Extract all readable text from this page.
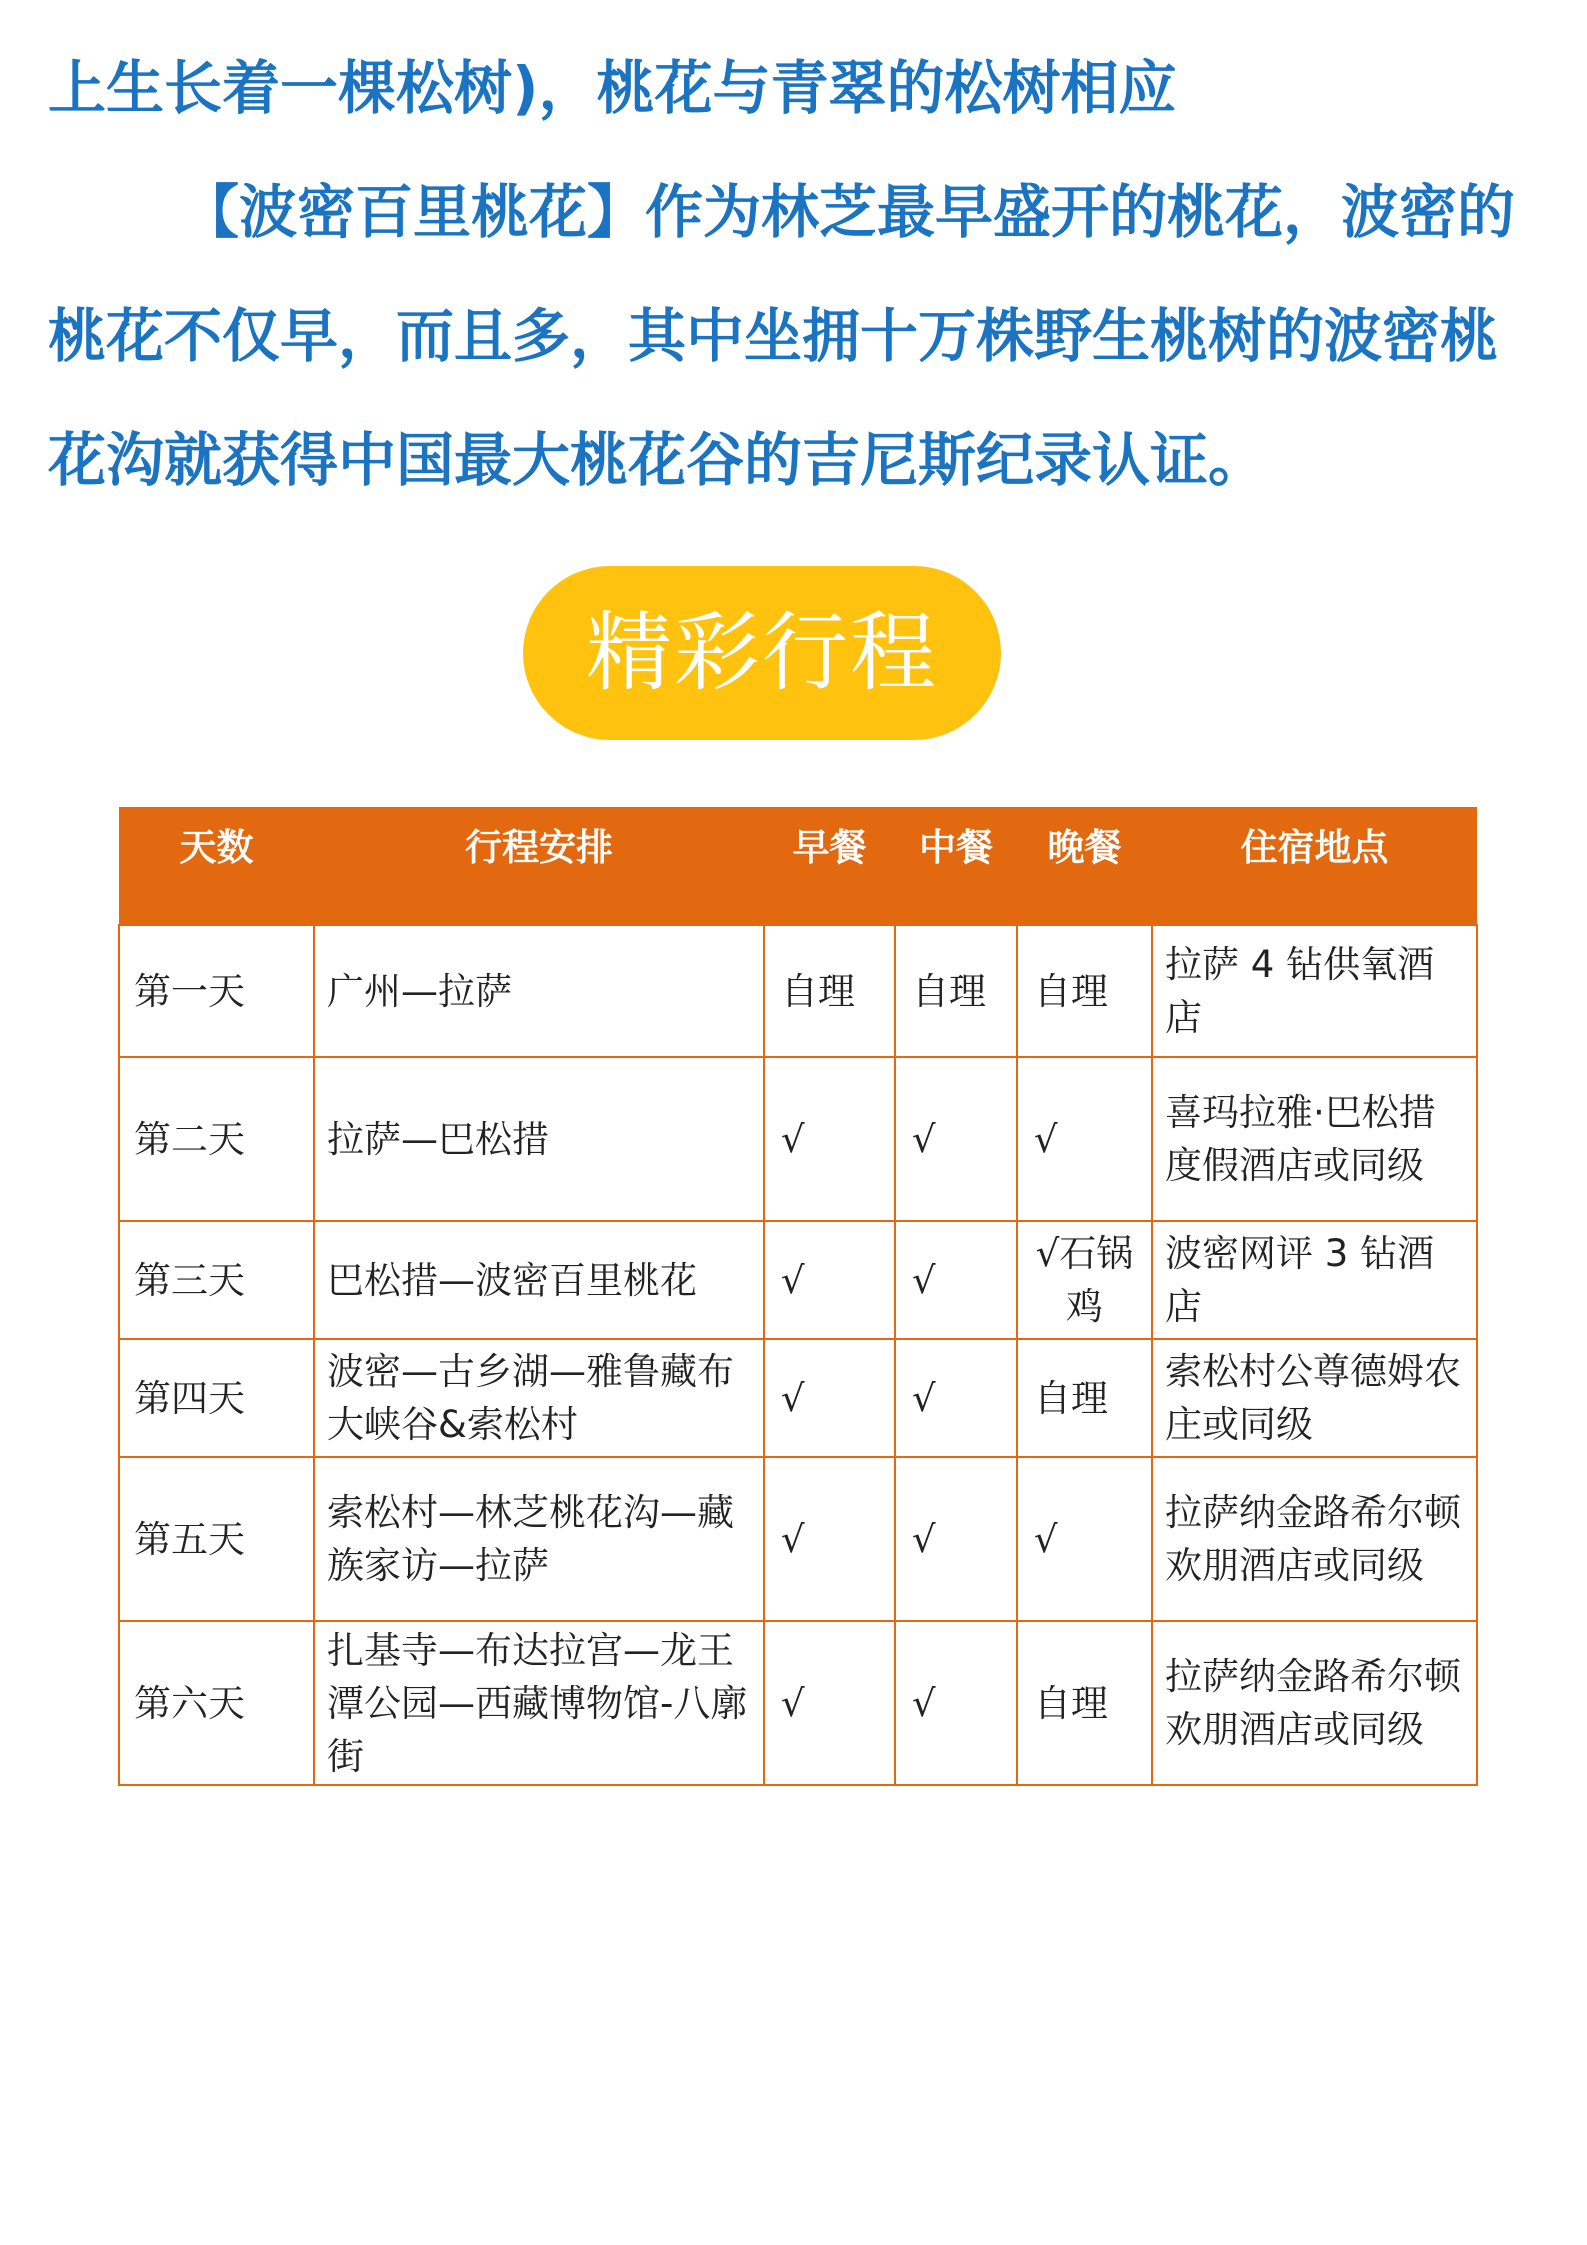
上生长着一棵松树)，桃花与青翠的松树相应
【波密百里桃花】作为林芝最早盛开的桃花，波密的
桃花不仅早，而且多，其中坐拥十万株野生桃树的波密桃
花沟就获得中国最大桃花谷的吉尼斯纪录认证。
精彩行程
天数	行程安排	早餐	中餐	晚餐	住宿地点
第一天	广州—拉萨	自理	自理	自理	拉萨 4 钻供氧酒店
第二天	拉萨—巴松措	√	√	√	喜玛拉雅·巴松措度假酒店或同级
第三天	巴松措—波密百里桃花	√	√	√石锅鸡	波密网评 3 钻酒店
第四天	波密—古乡湖—雅鲁藏布大峡谷&索松村	√	√	自理	索松村公尊德姆农庄或同级
第五天	索松村—林芝桃花沟—藏族家访—拉萨	√	√	√	拉萨纳金路希尔顿欢朋酒店或同级
第六天	扎基寺—布达拉宫—龙王潭公园—西藏博物馆-八廓街	√	√	自理	拉萨纳金路希尔顿欢朋酒店或同级
